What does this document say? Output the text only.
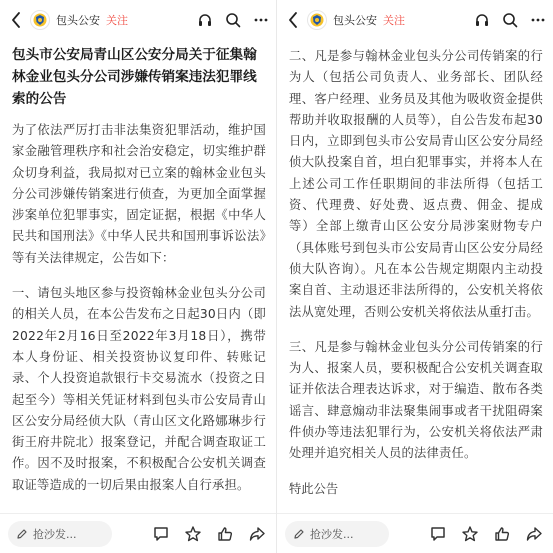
包头公安 关注
包头市公安局青山区公安分局关于征集翰林金业包头分公司涉嫌传销案违法犯罪线索的公告
为了依法严厉打击非法集资犯罪活动，维护国家金融管理秩序和社会治安稳定，切实维护群众切身利益，我局拟对已立案的翰林金业包头分公司涉嫌传销案进行侦查，为更加全面掌握涉案单位犯罪事实，固定证据，根据《中华人民共和国刑法》《中华人民共和国刑事诉讼法》等有关法律规定，公告如下：
一、请包头地区参与投资翰林金业包头分公司的相关人员，在本公告发布之日起30日内（即2022年2月16日至2022年3月18日），携带本人身份证、相关投资协议复印件、转账记录、个人投资追款银行卡交易流水（投资之日起至今）等相关凭证材料到包头市公安局青山区公安分局经侦大队（青山区文化路娜琳步行街王府井院北）报案登记，并配合调查取证工作。因不及时报案，不积极配合公安机关调查取证等造成的一切后果由报案人自行承担。
抢沙发...
包头公安 关注
二、凡是参与翰林金业包头分公司传销案的行为人（包括公司负责人、业务部长、团队经理、客户经理、业务员及其他为吸收资金提供帮助并收取报酬的人员等），自公告发布起30日内，立即到包头市公安局青山区公安分局经侦大队投案自首，坦白犯罪事实，并将本人在上述公司工作任职期间的非法所得（包括工资、代理费、好处费、返点费、佣金、提成等）全部上缴青山区公安分局涉案财物专户（具体账号到包头市公安局青山区公安分局经侦大队咨询）。凡在本公告规定期限内主动投案自首、主动退还非法所得的，公安机关将依法从宽处理，否则公安机关将依法从重打击。
三、凡是参与翰林金业包头分公司传销案的行为人、报案人员，要积极配合公安机关调查取证并依法合理表达诉求，对于编造、散布各类谣言、肆意煽动非法聚集闹事或者干扰阻碍案件侦办等违法犯罪行为，公安机关将依法严肃处理并追究相关人员的法律责任。
特此公告
抢沙发...
